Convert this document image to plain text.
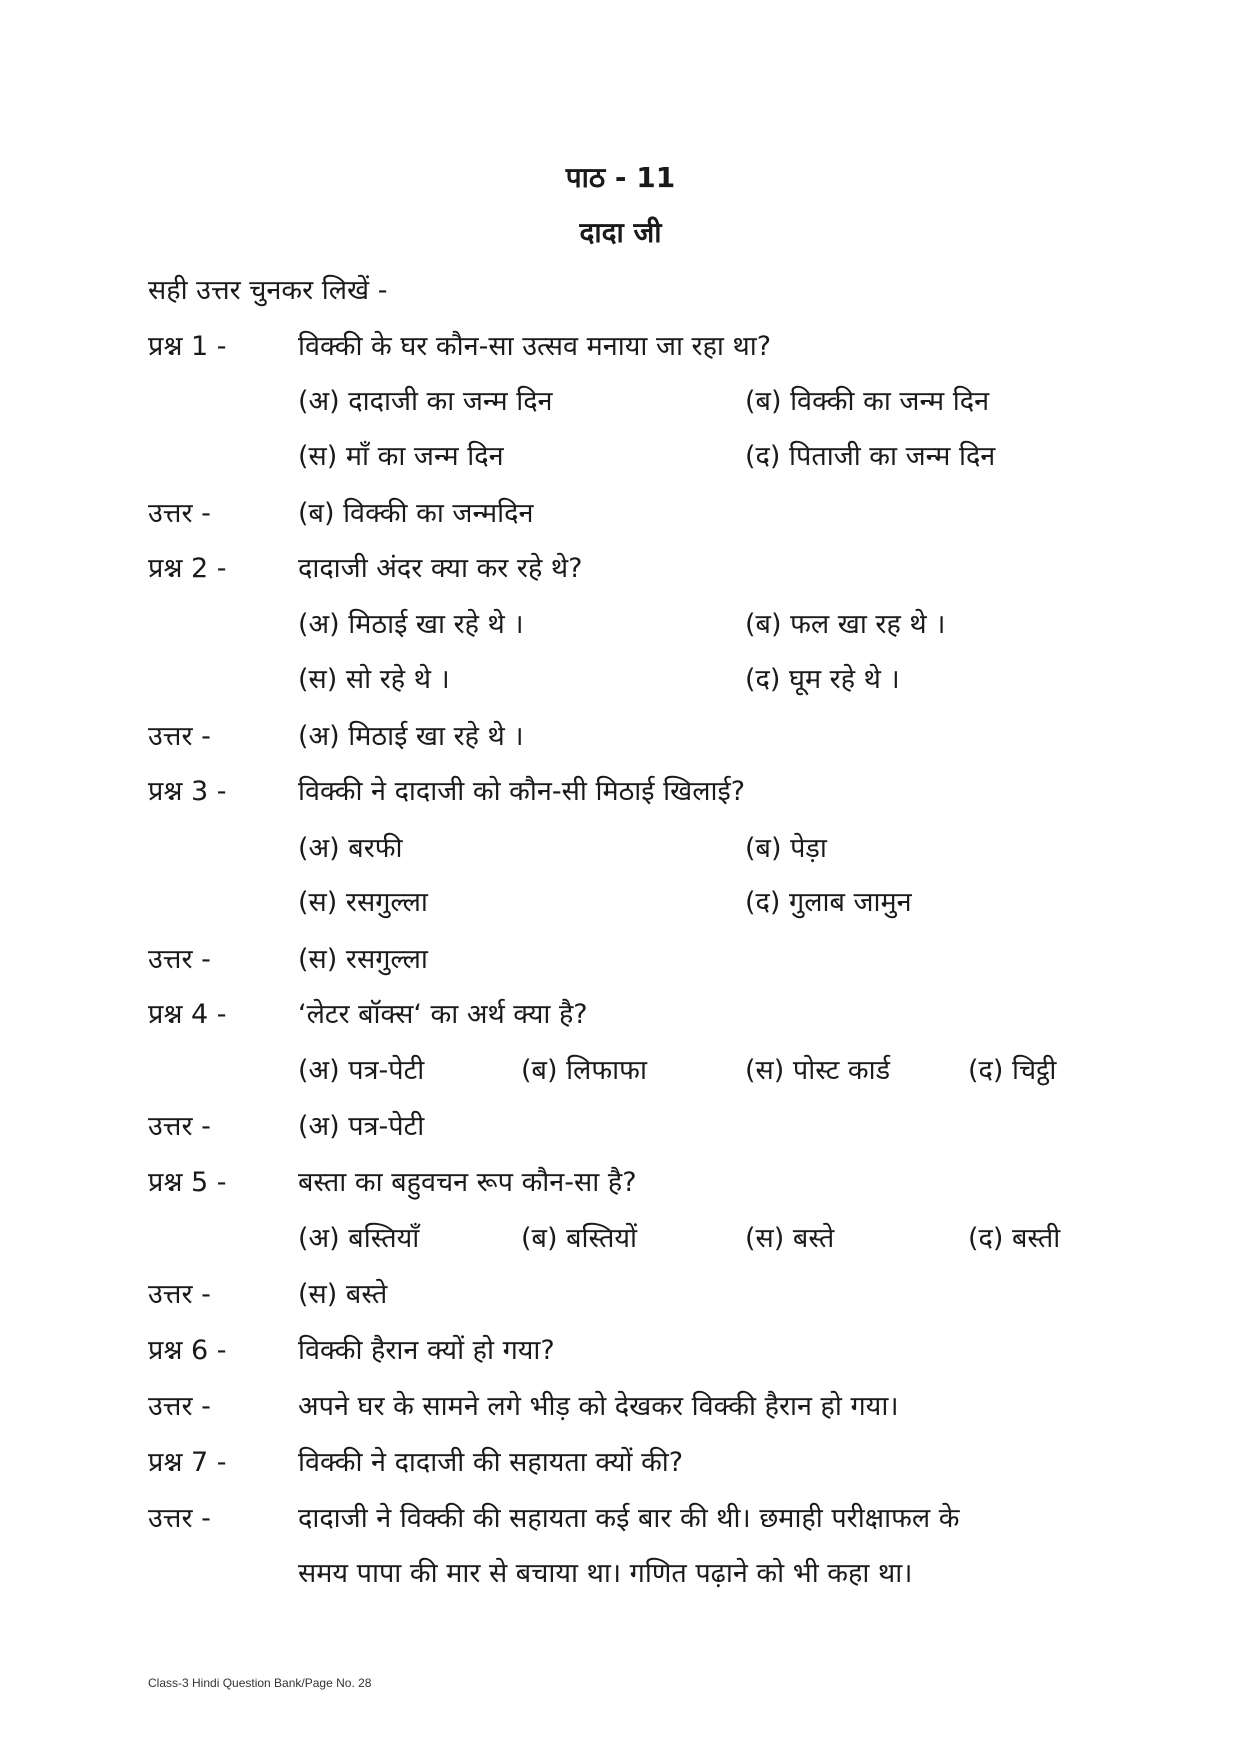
पाठ - 11
दादा जी
सही उत्तर चुनकर लिखें -
प्रश्न 1 -	विक्की के घर कौन-सा उत्सव मनाया जा रहा था?
(अ) दादाजी का जन्म दिन	(ब) विक्की का जन्म दिन
(स) माँ का जन्म दिन	(द) पिताजी का जन्म दिन
उत्तर -	(ब) विक्की का जन्मदिन
प्रश्न 2 -	दादाजी अंदर क्या कर रहे थे?
(अ) मिठाई खा रहे थे ।	(ब) फल खा रह थे ।
(स) सो रहे थे ।	(द) घूम रहे थे ।
उत्तर -	(अ) मिठाई खा रहे थे ।
प्रश्न 3 -	विक्की ने दादाजी को कौन-सी मिठाई खिलाई?
(अ) बरफी	(ब) पेड़ा
(स) रसगुल्ला	(द) गुलाब जामुन
उत्तर -	(स) रसगुल्ला
प्रश्न 4 -	‘लेटर बॉक्स‘ का अर्थ क्या है?
(अ) पत्र-पेटी	(ब) लिफाफा	(स) पोस्ट कार्ड	(द) चिट्ठी
उत्तर -	(अ) पत्र-पेटी
प्रश्न 5 -	बस्ता का बहुवचन रूप कौन-सा है?
(अ) बस्तियाँ	(ब) बस्तियों	(स) बस्ते	(द) बस्ती
उत्तर -	(स) बस्ते
प्रश्न 6 -	विक्की हैरान क्यों हो गया?
उत्तर -	अपने घर के सामने लगे भीड़ को देखकर विक्की हैरान हो गया।
प्रश्न 7 -	विक्की ने दादाजी की सहायता क्यों की?
उत्तर -	दादाजी ने विक्की की सहायता कई बार की थी। छमाही परीक्षाफल के
समय पापा की मार से बचाया था। गणित पढ़ाने को भी कहा था।
Class-3 Hindi Question Bank/Page No. 28
